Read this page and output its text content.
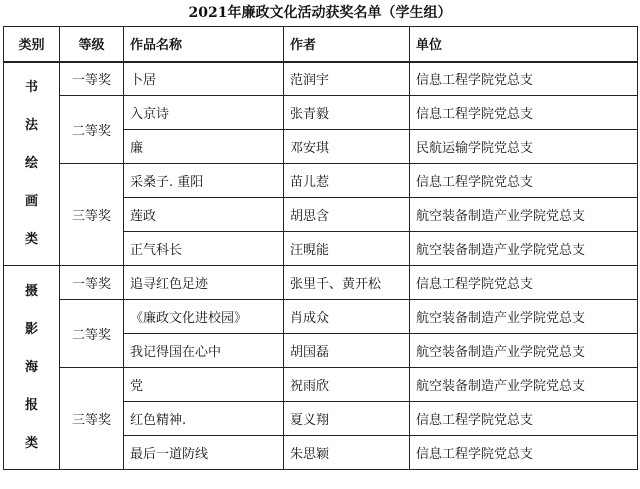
2021年廉政文化活动获奖名单（学生组）
类别	等级	作品名称	作者	单位
书法绘画类	一等奖	卜居	范润宇	信息工程学院党总支
	二等奖	入京诗	张青毅	信息工程学院党总支
		廉	邓安琪	民航运输学院党总支
	三等奖	采桑子. 重阳	苗儿惹	信息工程学院党总支
		莲政	胡思含	航空装备制造产业学院党总支
		正气科长	汪晛能	航空装备制造产业学院党总支
摄影海报类	一等奖	追寻红色足迹	张里千、黄开松	信息工程学院党总支
	二等奖	《廉政文化进校园》	肖成众	航空装备制造产业学院党总支
		我记得国在心中	胡国磊	航空装备制造产业学院党总支
	三等奖	党	祝雨欣	航空装备制造产业学院党总支
		红色精神.	夏义翔	信息工程学院党总支
		最后一道防线	朱思颖	信息工程学院党总支
